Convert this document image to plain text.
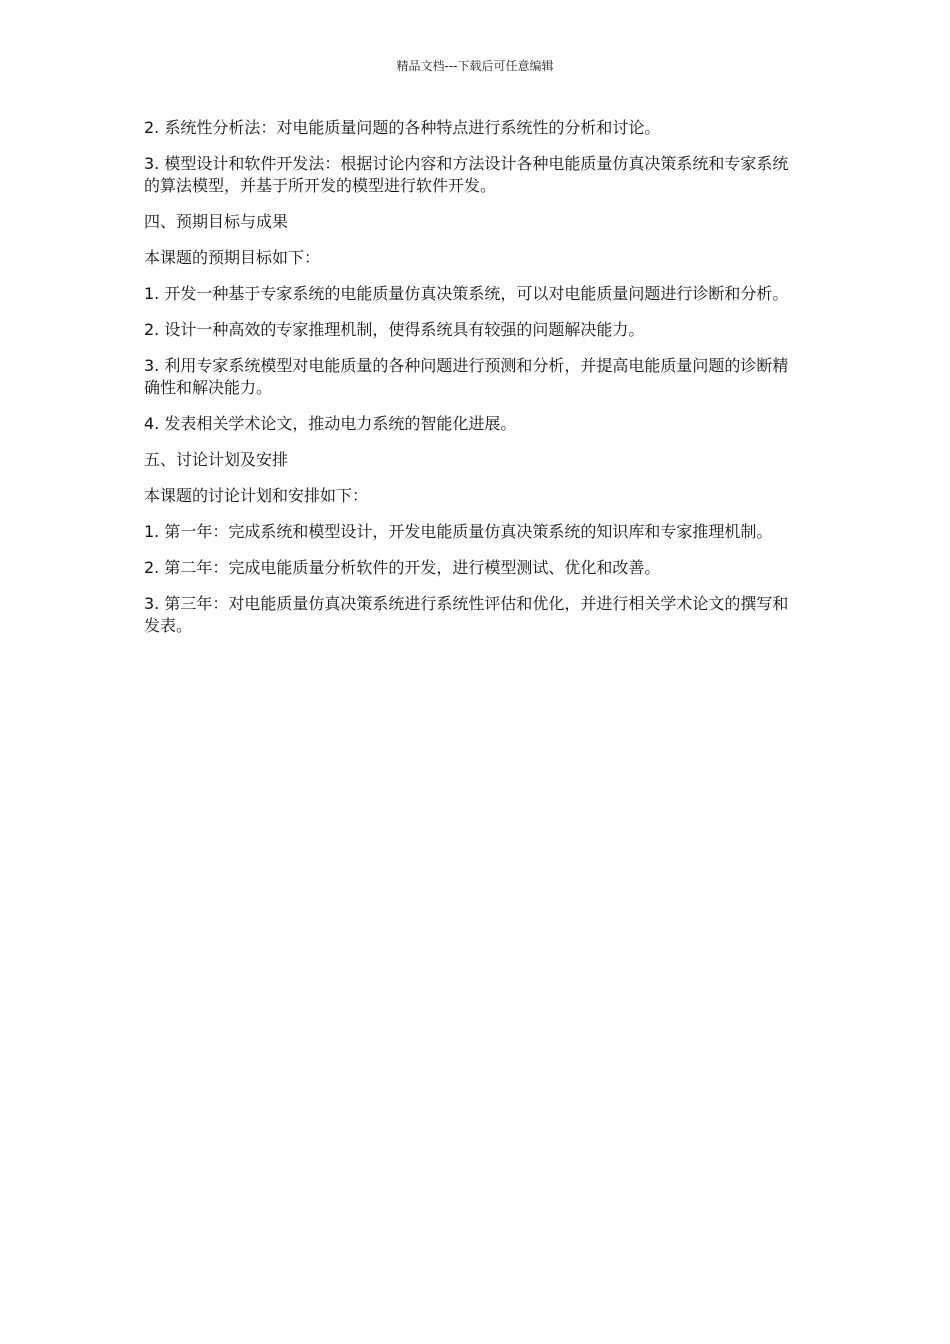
精品文档---下载后可任意编辑

2. 系统性分析法：对电能质量问题的各种特点进行系统性的分析和讨论。

3. 模型设计和软件开发法：根据讨论内容和方法设计各种电能质量仿真决策系统和专家系统的算法模型，并基于所开发的模型进行软件开发。

四、预期目标与成果

本课题的预期目标如下：

1. 开发一种基于专家系统的电能质量仿真决策系统，可以对电能质量问题进行诊断和分析。

2. 设计一种高效的专家推理机制，使得系统具有较强的问题解决能力。

3. 利用专家系统模型对电能质量的各种问题进行预测和分析，并提高电能质量问题的诊断精确性和解决能力。

4. 发表相关学术论文，推动电力系统的智能化进展。

五、讨论计划及安排

本课题的讨论计划和安排如下：

1. 第一年：完成系统和模型设计，开发电能质量仿真决策系统的知识库和专家推理机制。

2. 第二年：完成电能质量分析软件的开发，进行模型测试、优化和改善。

3. 第三年：对电能质量仿真决策系统进行系统性评估和优化，并进行相关学术论文的撰写和发表。
